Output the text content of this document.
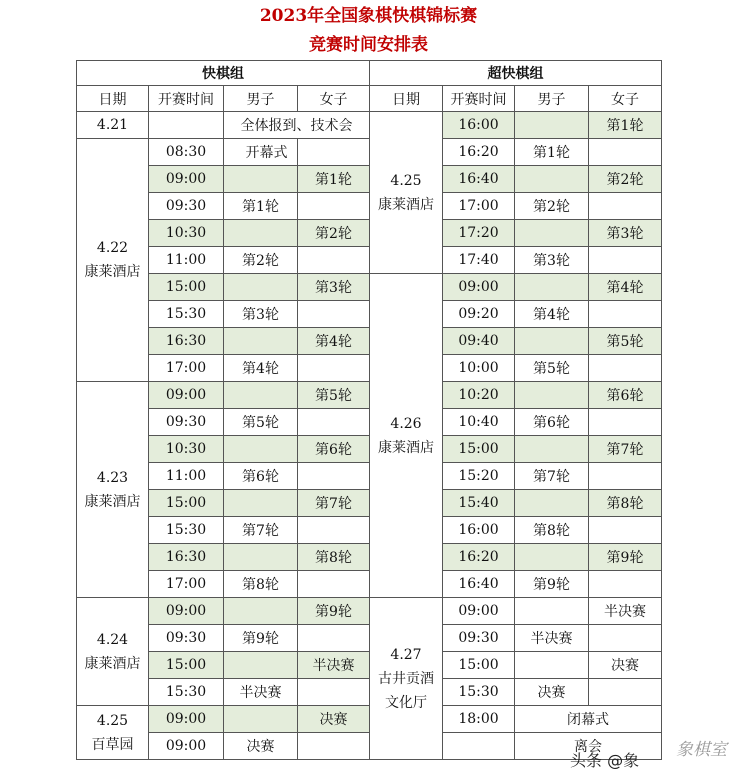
2023年全国象棋快棋锦标赛
竞赛时间安排表
快棋组			
日期	开赛时间	男子	女子
4.21		全体报到、技术会	
4.22
康莱酒店	08:30	开幕式	
	09:00		第1轮
	09:30	第1轮	
	10:30		第2轮
	11:00	第2轮	
	15:00		第3轮
	15:30	第3轮	
	16:30		第4轮
	17:00	第4轮	
4.23
康莱酒店	09:00		第5轮
	09:30	第5轮	
	10:30		第6轮
	11:00	第6轮	
	15:00		第7轮
	15:30	第7轮	
	16:30		第8轮
	17:00	第8轮	
4.24
康莱酒店	09:00		第9轮
	09:30	第9轮	
	15:00		半决赛
	15:30	半决赛	
4.25
百草园	09:00		决赛
	09:00	决赛	
超快棋组			
日期	开赛时间	男子	女子
4.25
康莱酒店	16:00		第1轮
	16:20	第1轮	
	16:40		第2轮
	17:00	第2轮	
	17:20		第3轮
	17:40	第3轮	
4.26
康莱酒店	09:00		第4轮
	09:20	第4轮	
	09:40		第5轮
	10:00	第5轮	
	10:20		第6轮
	10:40	第6轮	
	15:00		第7轮
	15:20	第7轮	
	15:40		第8轮
	16:00	第8轮	
	16:20		第9轮
	16:40	第9轮	
4.27
古井贡酒
文化厅	09:00		半决赛
	09:30	半决赛	
	15:00		决赛
	15:30	决赛	
	18:00	闭幕式	
		离会		象棋室
头条 @象
